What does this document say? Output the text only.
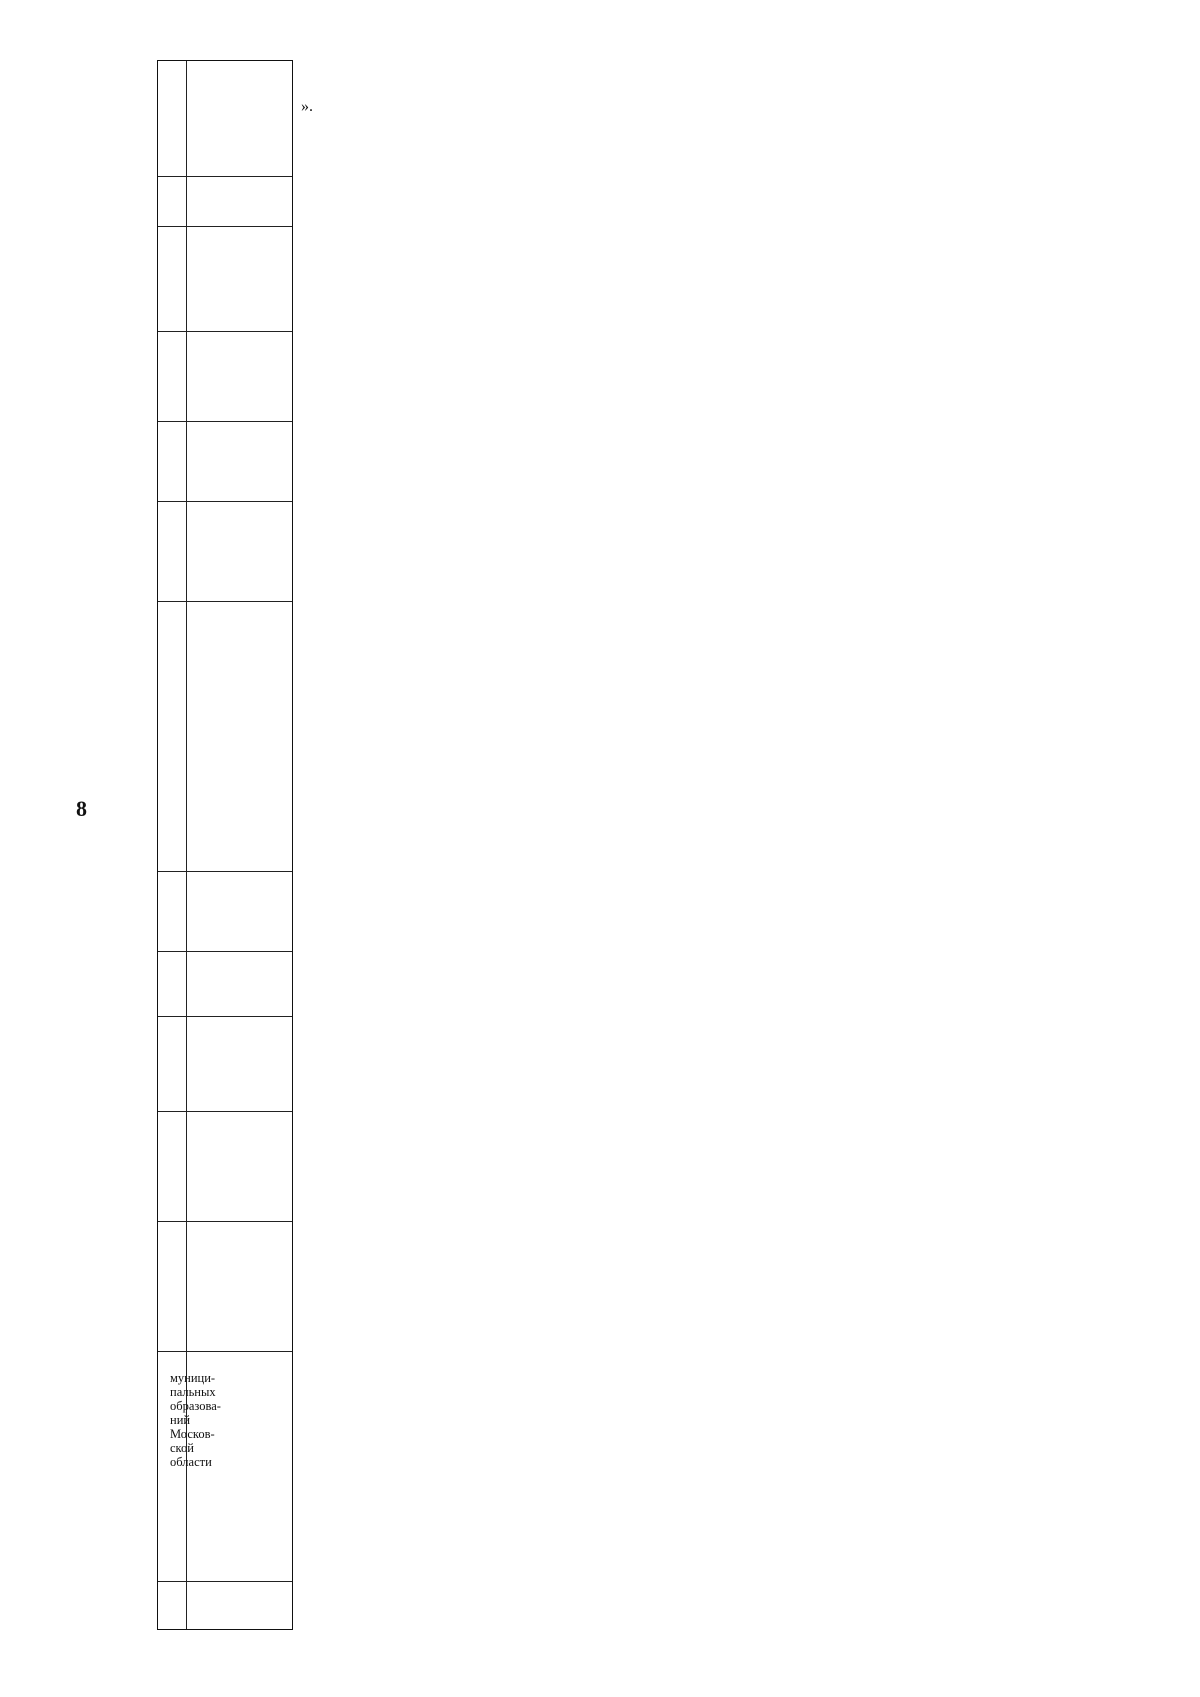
8
муници-
пальных
образова-
ний
Москов-
ской
области
».
